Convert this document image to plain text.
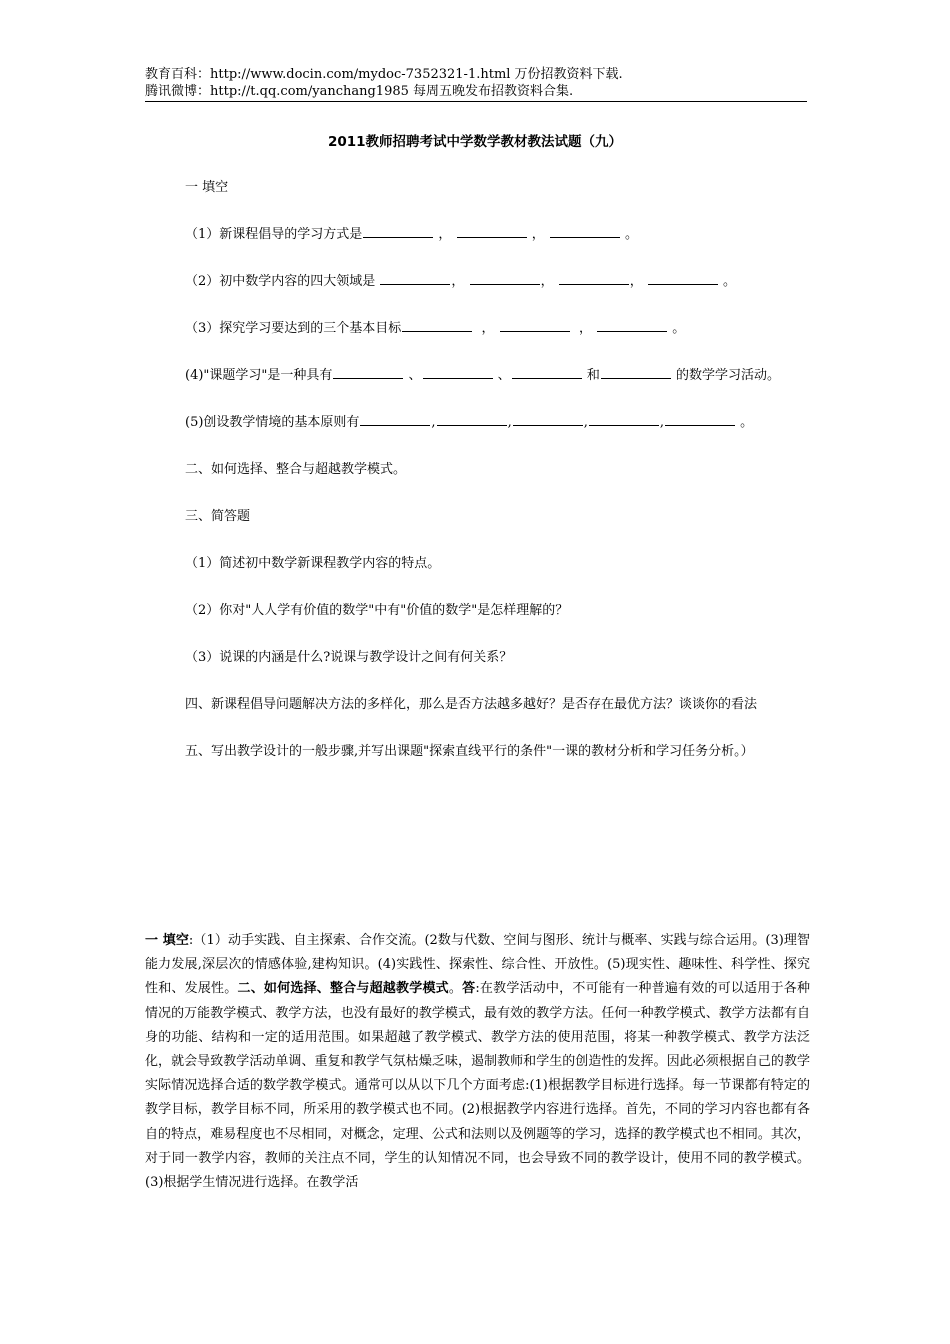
教育百科：http://www.docin.com/mydoc-7352321-1.html 万份招教资料下载.
腾讯微博：http://t.qq.com/yanchang1985 每周五晚发布招教资料合集.
2011教师招聘考试中学数学教材教法试题（九）
一 填空
（1）新课程倡导的学习方式是	，	，	。
（2）初中数学内容的四大领域是	，	，	，	。
（3）探究学习要达到的三个基本目标	，	，	。
(4)"课题学习"是一种具有	、	、	和	的数学学习活动。
(5)创设教学情境的基本原则有	,	,	,	,	。
二、如何选择、整合与超越教学模式。
三、简答题
（1）简述初中数学新课程教学内容的特点。
（2）你对"人人学有价值的数学"中有"价值的数学"是怎样理解的？
（3）说课的内涵是什么?说课与教学设计之间有何关系？
四、新课程倡导问题解决方法的多样化，那么是否方法越多越好？是否存在最优方法？谈谈你的看法
五、写出教学设计的一般步骤,并写出课题"探索直线平行的条件"一课的教材分析和学习任务分析。）
一 填空:（1）动手实践、自主探索、合作交流。(2数与代数、空间与图形、统计与概率、实践与综合运用。(3)理智能力发展,深层次的情感体验,建构知识。(4)实践性、探索性、综合性、开放性。(5)现实性、趣味性、科学性、探究性和、发展性。二、如何选择、整合与超越教学模式。答:在教学活动中，不可能有一种普遍有效的可以适用于各种情况的万能教学模式、教学方法，也没有最好的教学模式，最有效的教学方法。任何一种教学模式、教学方法都有自身的功能、结构和一定的适用范围。如果超越了教学模式、教学方法的使用范围，将某一种教学模式、教学方法泛化，就会导致教学活动单调、重复和教学气氛枯燥乏味，遏制教师和学生的创造性的发挥。因此必须根据自己的教学实际情况选择合适的数学教学模式。通常可以从以下几个方面考虑:(1)根据教学目标进行选择。每一节课都有特定的教学目标，教学目标不同，所采用的教学模式也不同。(2)根据教学内容进行选择。首先，不同的学习内容也都有各自的特点，难易程度也不尽相同，对概念，定理、公式和法则以及例题等的学习，选择的教学模式也不相同。其次，对于同一教学内容，教师的关注点不同，学生的认知情况不同，也会导致不同的教学设计，使用不同的教学模式。(3)根据学生情况进行选择。在教学活
